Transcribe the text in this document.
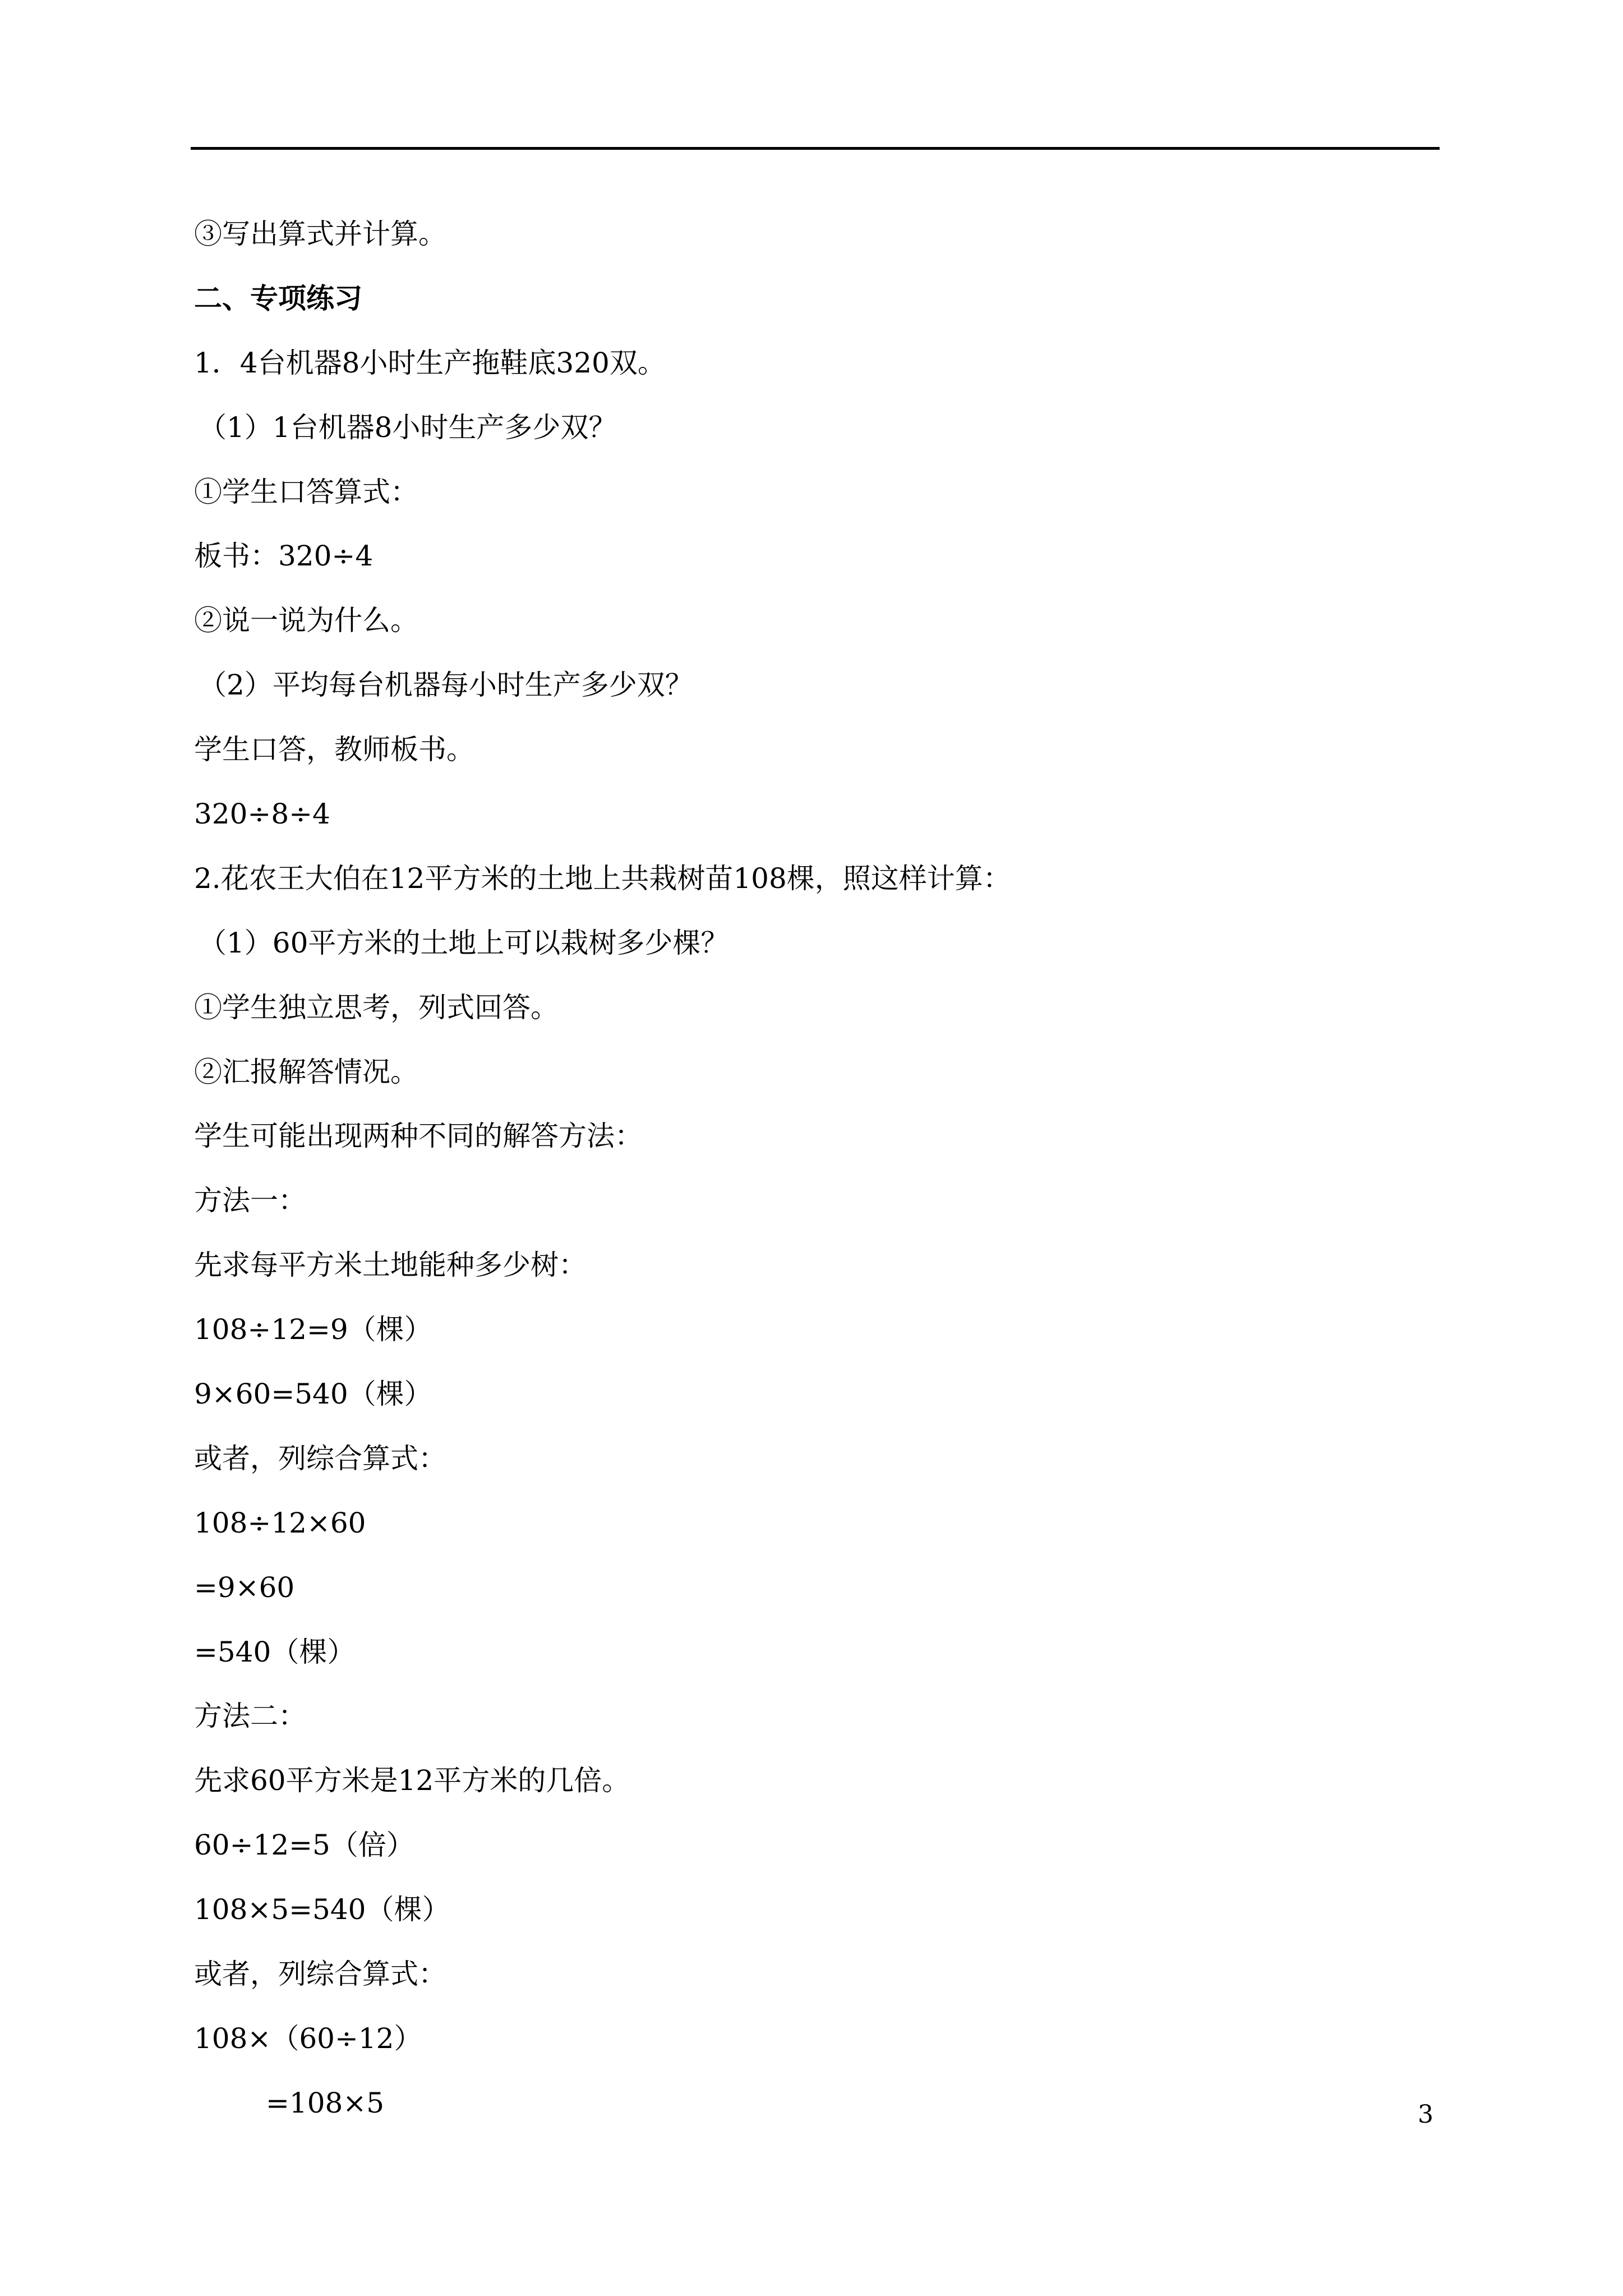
③写出算式并计算。
二、专项练习
1．4台机器8小时生产拖鞋底320双。
（1）1台机器8小时生产多少双？
①学生口答算式：
板书：320÷4
②说一说为什么。
（2）平均每台机器每小时生产多少双？
学生口答，教师板书。
320÷8÷4
2.花农王大伯在12平方米的土地上共栽树苗108棵，照这样计算：
（1）60平方米的土地上可以栽树多少棵？
①学生独立思考，列式回答。
②汇报解答情况。
学生可能出现两种不同的解答方法：
方法一：
先求每平方米土地能种多少树：
108÷12=9（棵）
9×60=540（棵）
或者，列综合算式：
108÷12×60
=9×60
=540（棵）
方法二：
先求60平方米是12平方米的几倍。
60÷12=5（倍）
108×5=540（棵）
或者，列综合算式：
108×（60÷12）
=108×5	3
